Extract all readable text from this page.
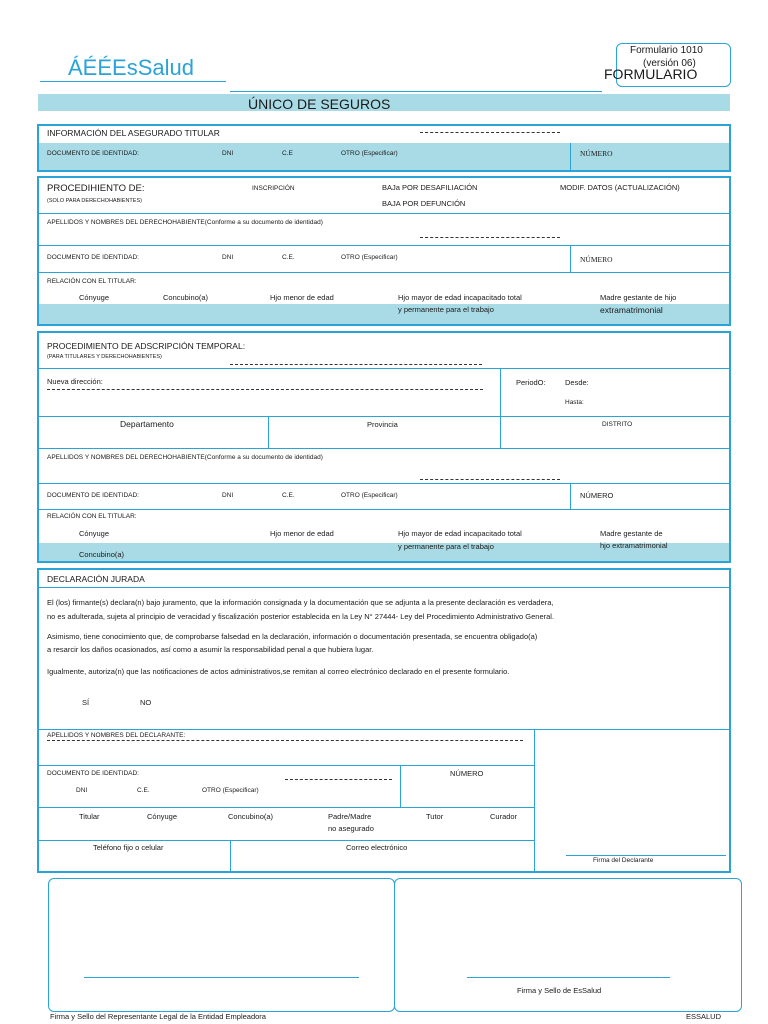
ÁÉÉEsSalud
Formulario 1010
(versión 06)
FORMULARIO
ÚNICO DE SEGUROS
INFORMACIÓN DEL ASEGURADO TITULAR
DOCUMENTO DE IDENTIDAD:	DNI	C.E	OTRO (Especificar)	NÚMERO
PROCEDIHIENTO DE:
(SOLO PARA DERECHOHABIENTES)
INSCRIPCIÓN	BAJa POR DESAFILIACIÓN
BAJA POR DEFUNCIÓN
MODIF. DATOS (ACTUALIZACIÓN)
APELLIDOS Y NOMBRES DEL DERECHOHABIENTE(Conforme a su documento de identidad)
DOCUMENTO DE IDENTIDAD:	DNI	C.E.	OTRO (Especificar)	NÚMERO
RELACIÓN CON EL TITULAR:
Cónyuge	Concubino(a)	Hjo menor de edad	Hjo mayor de edad incapacitado total
y permanente para el trabajo
Madre gestante de hijo
extramatrimonial
PROCEDIMIENTO DE ADSCRIPCIÓN TEMPORAL:
(PARA TITULARES Y DERECHOHABIENTES)
Nueva dirección:	PeriodO:	Desde:
Hasta:
Departamento	Provincia	DISTRITO
APELLIDOS Y NOMBRES DEL DERECHOHABIENTE(Conforme a su documento de identidad)
DOCUMENTO DE IDENTIDAD:	DNI	C.E.	OTRO (Especificar)	NÚMERO
RELACIÓN CON EL TITULAR:
Cónyuge	Hjo menor de edad	Hjo mayor de edad incapacitado total
y permanente para el trabajo
Madre gestante de
hjo extramatrimonial
Concubino(a)
DECLARACIÓN JURADA
El (los) firmante(s) declara(n) bajo juramento, que la información consignada y la documentación que se adjunta a la presente declaración es verdadera,
no es adulterada, sujeta al principio de veracidad y fiscalización posterior establecida en la Ley N° 27444- Ley del Procedimiento Administrativo General.
Asimismo, tiene conocimiento que, de comprobarse falsedad en la declaración, información o documentación presentada, se encuentra obligado(a)
a resarcir los daños ocasionados, así como a asumir la responsabilidad penal a que hubiera lugar.
Igualmente, autoriza(n) que las notificaciones de actos administrativos,se remitan al correo electrónico declarado en el presente formulario.
SÍ	NO
APELLIDOS Y NOMBRES DEL DECLARANTE:
DOCUMENTO DE IDENTIDAD:	NÚMERO
DNI	C.E.	OTRO (Especificar)
Titular	Cónyuge	Concubino(a)	Padre/Madre
no asegurado
Tutor	Curador
Teléfono fijo o celular	Correo electrónico
Firma del Declarante
Firma y Sello de EsSalud
Firma y Sello del Representante Legal de la Entidad Empleadora	ESSALUD
